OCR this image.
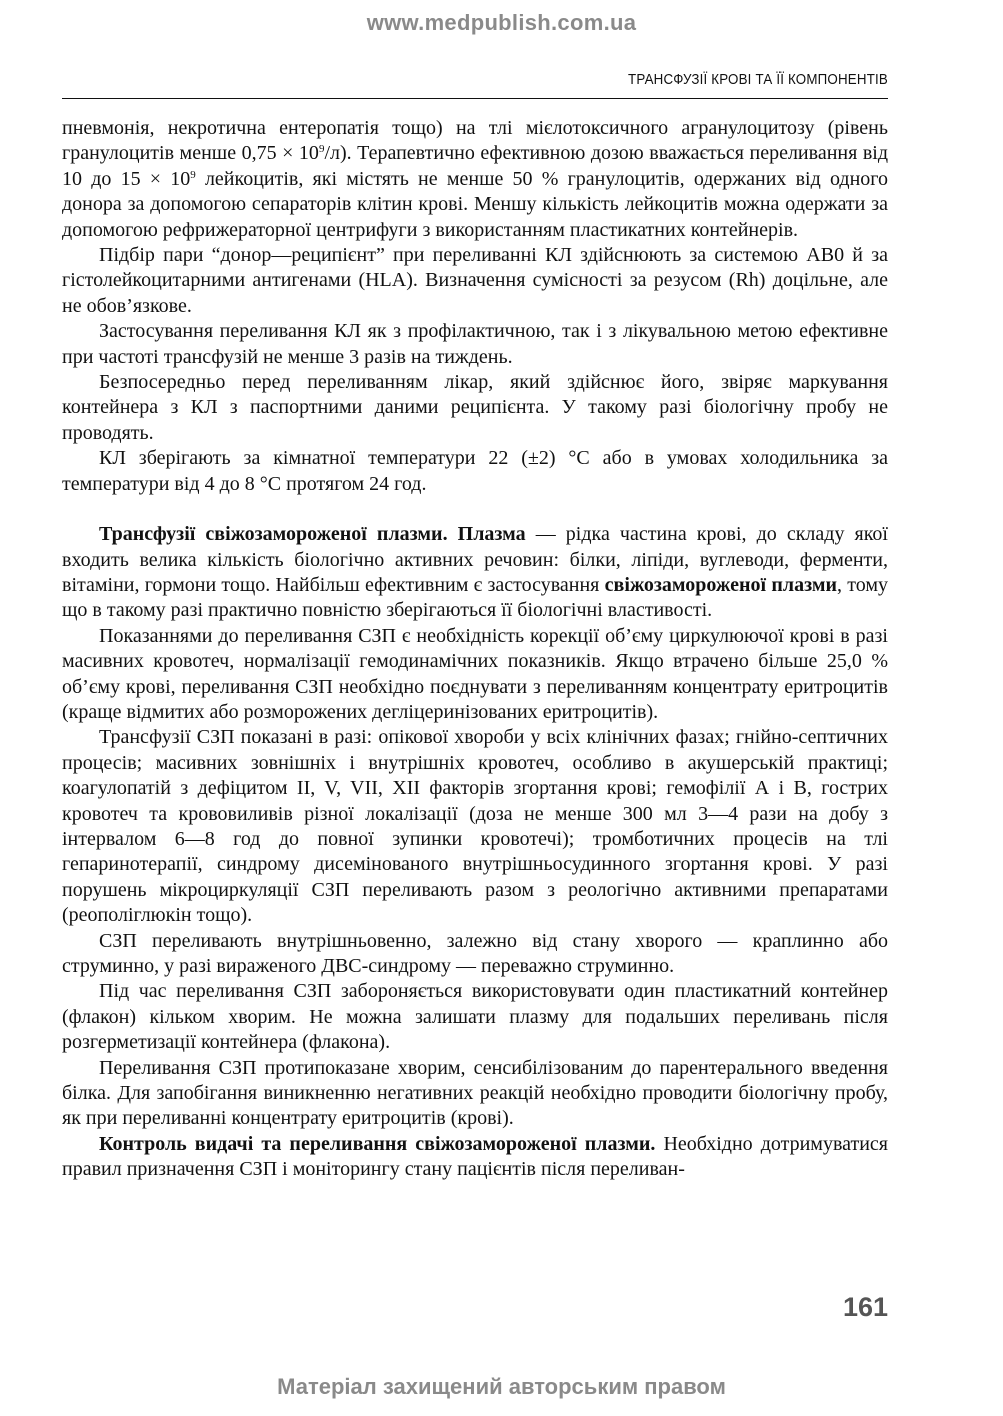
www.medpublish.com.ua
ТРАНСФУЗІЇ КРОВІ ТА ЇЇ КОМПОНЕНТІВ

пневмонія, некротична ентеропатія тощо) на тлі мієлотоксичного агранулоцитозу (рівень гранулоцитів менше $0,75 \times 10^9/л$). Терапевтично ефективною дозою вважається переливання від 10 до $15 \times 10^9$ лейкоцитів, які містять не менше 50 % гранулоцитів, одержаних від одного донора за допомогою сепараторів клітин крові. Меншу кількість лейкоцитів можна одержати за допомогою рефрижераторної центрифуги з використанням пластикатних контейнерів.

Підбір пари “донор—реципієнт” при переливанні КЛ здійснюють за системою АВ0 й за гістолейкоцитарними антигенами (HLA). Визначення сумісності за резусом (Rh) доцільне, але не обов’язкове.

Застосування переливання КЛ як з профілактичною, так і з лікувальною метою ефективне при частоті трансфузій не менше 3 разів на тиждень.

Безпосередньо перед переливанням лікар, який здійснює його, звіряє маркування контейнера з КЛ з паспортними даними реципієнта. У такому разі біологічну пробу не проводять.

КЛ зберігають за кімнатної температури 22 (±2) °С або в умовах холодильника за температури від 4 до 8 °С протягом 24 год.

Трансфузії свіжозамороженої плазми. Плазма — рідка частина крові, до складу якої входить велика кількість біологічно активних речовин: білки, ліпіди, вуглеводи, ферменти, вітаміни, гормони тощо. Найбільш ефективним є застосування свіжозамороженої плазми, тому що в такому разі практично повністю зберігаються її біологічні властивості.

Показаннями до переливання СЗП є необхідність корекції об’єму циркулюючої крові в разі масивних кровотеч, нормалізації гемодинамічних показників. Якщо втрачено більше 25,0 % об’єму крові, переливання СЗП необхідно поєднувати з переливанням концентрату еритроцитів (краще відмитих або розморожених деглiцеринізованих еритроцитів).

Трансфузії СЗП показані в разі: опікової хвороби у всіх клінічних фазах; гнійно-септичних процесів; масивних зовнішніх і внутрішніх кровотеч, особливо в акушерській практиці; коагулопатій з дефіцитом II, V, VII, XII факторів згортання крові; гемофілії А і В, гострих кровотеч та крововиливів різної локалізації (доза не менше 300 мл 3—4 рази на добу з інтервалом 6—8 год до повної зупинки кровотечі); тромботичних процесів на тлі гепаринотерапії, синдрому дисемінованого внутрішньосудинного згортання крові. У разі порушень мікроциркуляції СЗП переливають разом з реологічно активними препаратами (реополіглюкін тощо).

СЗП переливають внутрішньовенно, залежно від стану хворого — краплинно або струминно, у разі вираженого ДВС-синдрому — переважно струминно.

Під час переливання СЗП забороняється використовувати один пластикатний контейнер (флакон) кільком хворим. Не можна залишати плазму для подальших переливань після розгерметизації контейнера (флакона).

Переливання СЗП протипоказане хворим, сенсибілізованим до парентерального введення білка. Для запобігання виникненню негативних реакцій необхідно проводити біологічну пробу, як при переливанні концентрату еритроцитів (крові).

Контроль видачі та переливання свіжозамороженої плазми. Необхідно дотримуватися правил призначення СЗП і моніторингу стану пацієнтів після переливан-

161
Матеріал захищений авторським правом
